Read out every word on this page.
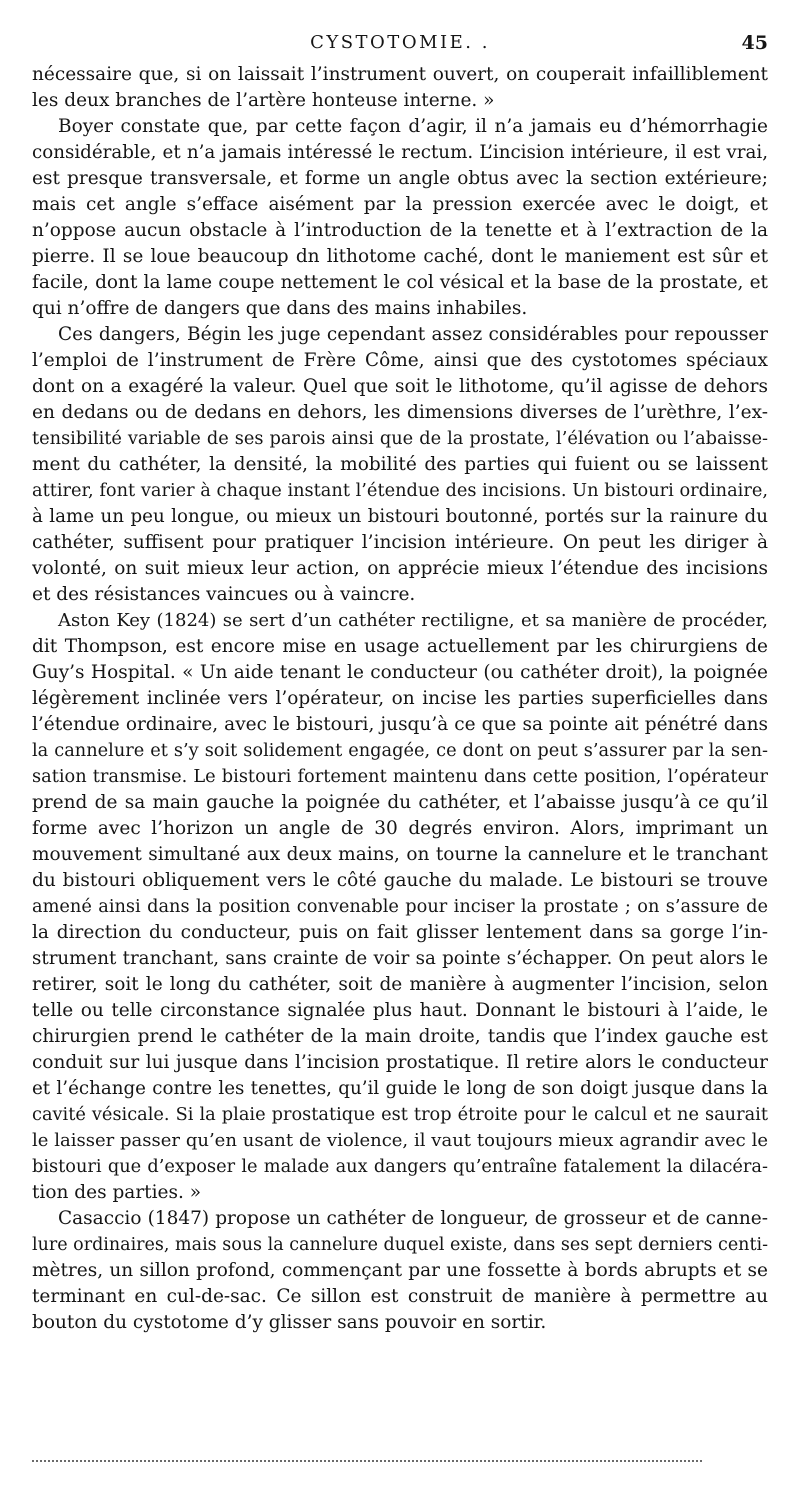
CYSTOTOMIE. .	45
nécessaire que, si on laissait l’instrument ouvert, on couperait infailliblement
les deux branches de l’artère honteuse interne. »
Boyer constate que, par cette façon d’agir, il n’a jamais eu d’hémorrhagie
considérable, et n’a jamais intéressé le rectum. L’incision intérieure, il est vrai,
est presque transversale, et forme un angle obtus avec la section extérieure;
mais cet angle s’efface aisément par la pression exercée avec le doigt, et
n’oppose aucun obstacle à l’introduction de la tenette et à l’extraction de la
pierre. Il se loue beaucoup dn lithotome caché, dont le maniement est sûr et
facile, dont la lame coupe nettement le col vésical et la base de la prostate, et
qui n’offre de dangers que dans des mains inhabiles.
Ces dangers, Bégin les juge cependant assez considérables pour repousser
l’emploi de l’instrument de Frère Côme, ainsi que des cystotomes spéciaux
dont on a exagéré la valeur. Quel que soit le lithotome, qu’il agisse de dehors
en dedans ou de dedans en dehors, les dimensions diverses de l’urèthre, l’ex-
tensibilité variable de ses parois ainsi que de la prostate, l’élévation ou l’abaisse-
ment du cathéter, la densité, la mobilité des parties qui fuient ou se laissent
attirer, font varier à chaque instant l’étendue des incisions. Un bistouri ordinaire,
à lame un peu longue, ou mieux un bistouri boutonné, portés sur la rainure du
cathéter, suffisent pour pratiquer l’incision intérieure. On peut les diriger à
volonté, on suit mieux leur action, on apprécie mieux l’étendue des incisions
et des résistances vaincues ou à vaincre.
Aston Key (1824) se sert d’un cathéter rectiligne, et sa manière de procéder,
dit Thompson, est encore mise en usage actuellement par les chirurgiens de
Guy’s Hospital. « Un aide tenant le conducteur (ou cathéter droit), la poignée
légèrement inclinée vers l’opérateur, on incise les parties superficielles dans
l’étendue ordinaire, avec le bistouri, jusqu’à ce que sa pointe ait pénétré dans
la cannelure et s’y soit solidement engagée, ce dont on peut s’assurer par la sen-
sation transmise. Le bistouri fortement maintenu dans cette position, l’opérateur
prend de sa main gauche la poignée du cathéter, et l’abaisse jusqu’à ce qu’il
forme avec l’horizon un angle de 30 degrés environ. Alors, imprimant un
mouvement simultané aux deux mains, on tourne la cannelure et le tranchant
du bistouri obliquement vers le côté gauche du malade. Le bistouri se trouve
amené ainsi dans la position convenable pour inciser la prostate ; on s’assure de
la direction du conducteur, puis on fait glisser lentement dans sa gorge l’in-
strument tranchant, sans crainte de voir sa pointe s’échapper. On peut alors le
retirer, soit le long du cathéter, soit de manière à augmenter l’incision, selon
telle ou telle circonstance signalée plus haut. Donnant le bistouri à l’aide, le
chirurgien prend le cathéter de la main droite, tandis que l’index gauche est
conduit sur lui jusque dans l’incision prostatique. Il retire alors le conducteur
et l’échange contre les tenettes, qu’il guide le long de son doigt jusque dans la
cavité vésicale. Si la plaie prostatique est trop étroite pour le calcul et ne saurait
le laisser passer qu’en usant de violence, il vaut toujours mieux agrandir avec le
bistouri que d’exposer le malade aux dangers qu’entraîne fatalement la dilacéra-
tion des parties. »
Casaccio (1847) propose un cathéter de longueur, de grosseur et de canne-
lure ordinaires, mais sous la cannelure duquel existe, dans ses sept derniers centi-
mètres, un sillon profond, commençant par une fossette à bords abrupts et se
terminant en cul-de-sac. Ce sillon est construit de manière à permettre au
bouton du cystotome d’y glisser sans pouvoir en sortir.
